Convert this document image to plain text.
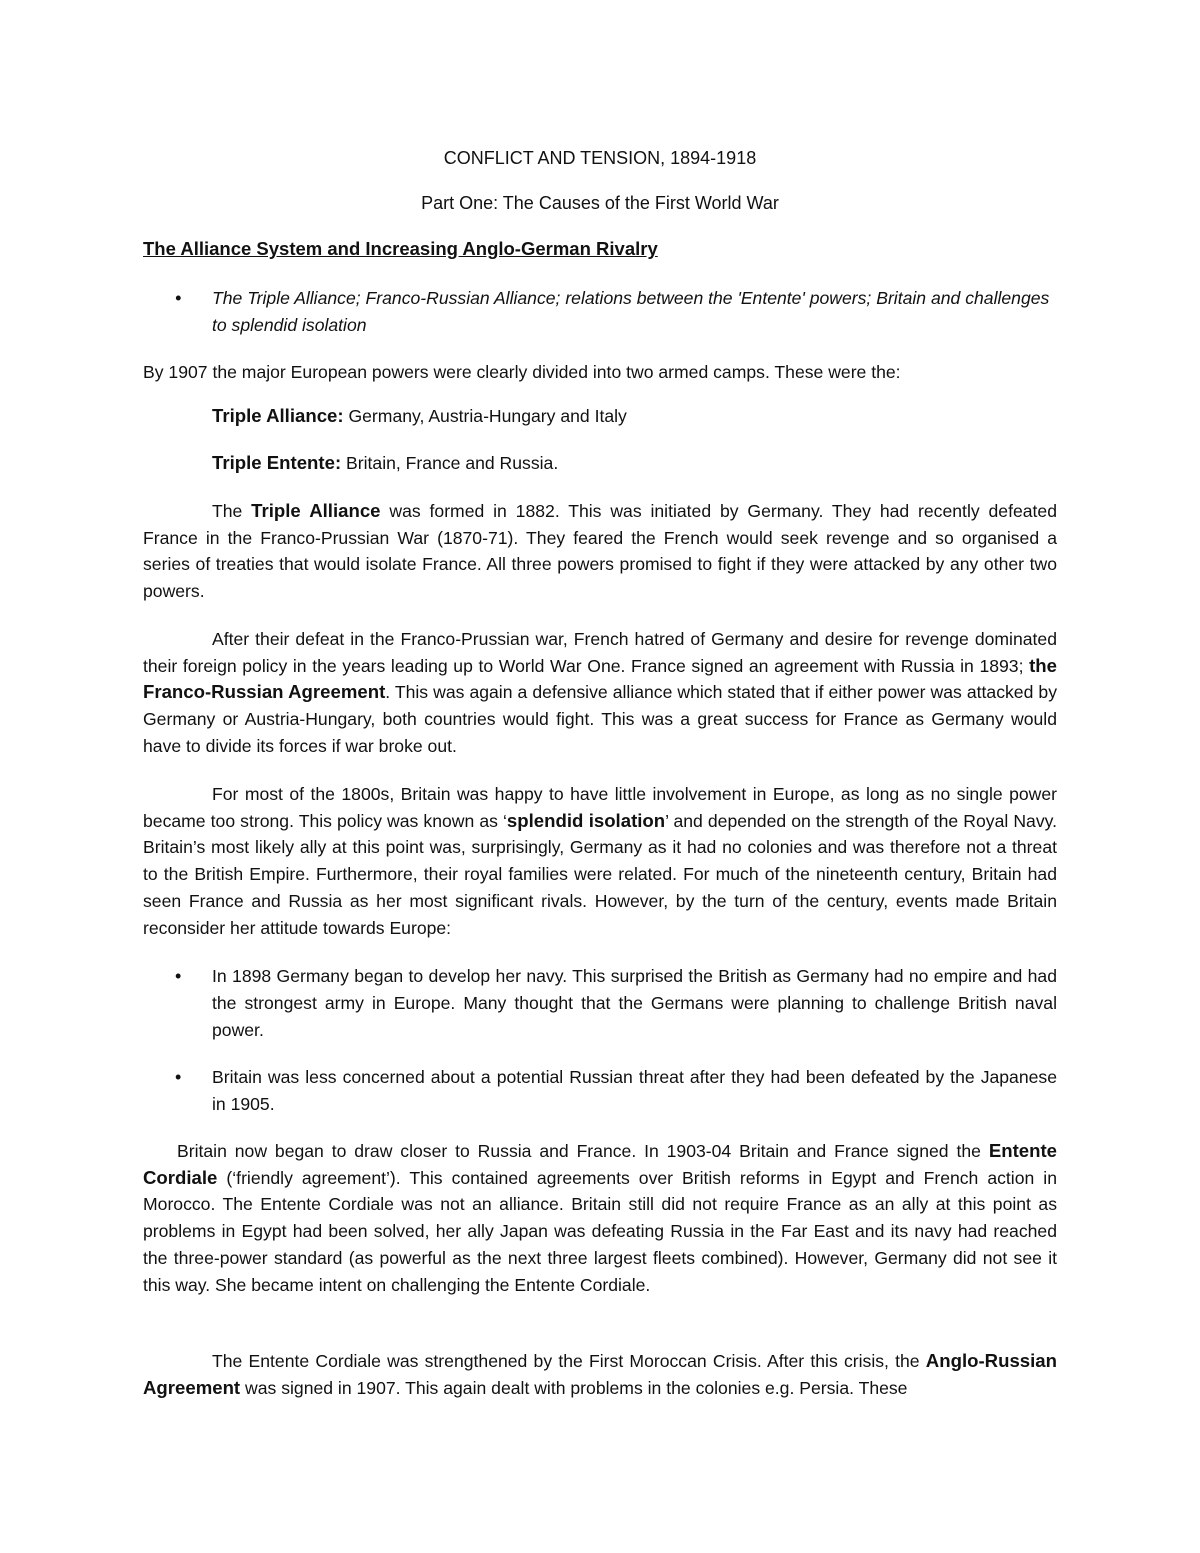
CONFLICT AND TENSION, 1894-1918
Part One: The Causes of the First World War
The Alliance System and Increasing Anglo-German Rivalry
• The Triple Alliance; Franco-Russian Alliance; relations between the 'Entente' powers; Britain and challenges to splendid isolation
By 1907 the major European powers were clearly divided into two armed camps. These were the:
Triple Alliance: Germany, Austria-Hungary and Italy
Triple Entente: Britain, France and Russia.
The Triple Alliance was formed in 1882. This was initiated by Germany. They had recently defeated France in the Franco-Prussian War (1870-71). They feared the French would seek revenge and so organised a series of treaties that would isolate France. All three powers promised to fight if they were attacked by any other two powers.
After their defeat in the Franco-Prussian war, French hatred of Germany and desire for revenge dominated their foreign policy in the years leading up to World War One. France signed an agreement with Russia in 1893; the Franco-Russian Agreement. This was again a defensive alliance which stated that if either power was attacked by Germany or Austria-Hungary, both countries would fight. This was a great success for France as Germany would have to divide its forces if war broke out.
For most of the 1800s, Britain was happy to have little involvement in Europe, as long as no single power became too strong. This policy was known as ‘splendid isolation’ and depended on the strength of the Royal Navy. Britain’s most likely ally at this point was, surprisingly, Germany as it had no colonies and was therefore not a threat to the British Empire. Furthermore, their royal families were related. For much of the nineteenth century, Britain had seen France and Russia as her most significant rivals. However, by the turn of the century, events made Britain reconsider her attitude towards Europe:
• In 1898 Germany began to develop her navy. This surprised the British as Germany had no empire and had the strongest army in Europe. Many thought that the Germans were planning to challenge British naval power.
• Britain was less concerned about a potential Russian threat after they had been defeated by the Japanese in 1905.
Britain now began to draw closer to Russia and France. In 1903-04 Britain and France signed the Entente Cordiale (‘friendly agreement’). This contained agreements over British reforms in Egypt and French action in Morocco. The Entente Cordiale was not an alliance. Britain still did not require France as an ally at this point as problems in Egypt had been solved, her ally Japan was defeating Russia in the Far East and its navy had reached the three-power standard (as powerful as the next three largest fleets combined). However, Germany did not see it this way. She became intent on challenging the Entente Cordiale.
The Entente Cordiale was strengthened by the First Moroccan Crisis. After this crisis, the Anglo-Russian Agreement was signed in 1907. This again dealt with problems in the colonies e.g. Persia. These
